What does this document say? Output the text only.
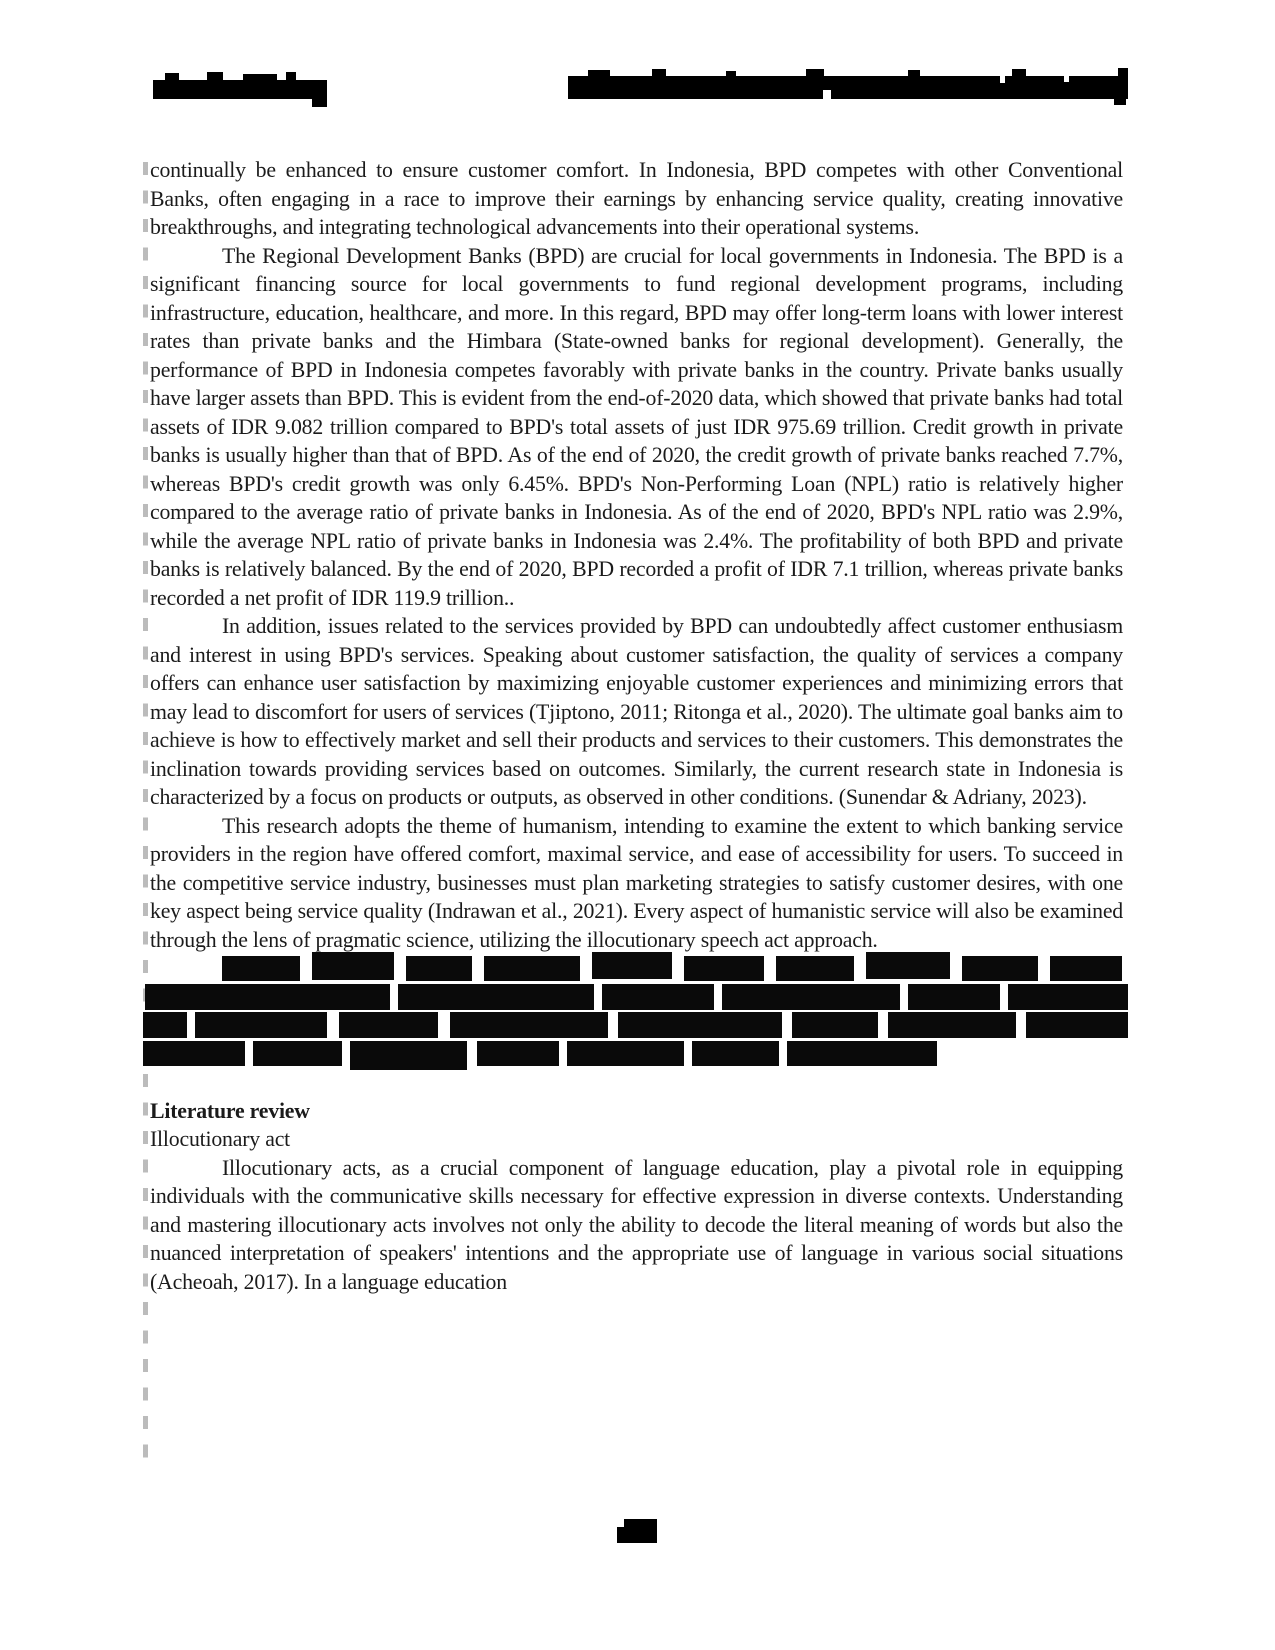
continually be enhanced to ensure customer comfort. In Indonesia, BPD competes with other Conventional Banks, often engaging in a race to improve their earnings by enhancing service quality, creating innovative breakthroughs, and integrating technological advancements into their operational systems.

The Regional Development Banks (BPD) are crucial for local governments in Indonesia. The BPD is a significant financing source for local governments to fund regional development programs, including infrastructure, education, healthcare, and more. In this regard, BPD may offer long-term loans with lower interest rates than private banks and the Himbara (State-owned banks for regional development). Generally, the performance of BPD in Indonesia competes favorably with private banks in the country. Private banks usually have larger assets than BPD. This is evident from the end-of-2020 data, which showed that private banks had total assets of IDR 9.082 trillion compared to BPD's total assets of just IDR 975.69 trillion. Credit growth in private banks is usually higher than that of BPD. As of the end of 2020, the credit growth of private banks reached 7.7%, whereas BPD's credit growth was only 6.45%. BPD's Non-Performing Loan (NPL) ratio is relatively higher compared to the average ratio of private banks in Indonesia. As of the end of 2020, BPD's NPL ratio was 2.9%, while the average NPL ratio of private banks in Indonesia was 2.4%. The profitability of both BPD and private banks is relatively balanced. By the end of 2020, BPD recorded a profit of IDR 7.1 trillion, whereas private banks recorded a net profit of IDR 119.9 trillion..

In addition, issues related to the services provided by BPD can undoubtedly affect customer enthusiasm and interest in using BPD's services. Speaking about customer satisfaction, the quality of services a company offers can enhance user satisfaction by maximizing enjoyable customer experiences and minimizing errors that may lead to discomfort for users of services (Tjiptono, 2011; Ritonga et al., 2020). The ultimate goal banks aim to achieve is how to effectively market and sell their products and services to their customers. This demonstrates the inclination towards providing services based on outcomes. Similarly, the current research state in Indonesia is characterized by a focus on products or outputs, as observed in other conditions. (Sunendar & Adriany, 2023).

This research adopts the theme of humanism, intending to examine the extent to which banking service providers in the region have offered comfort, maximal service, and ease of accessibility for users. To succeed in the competitive service industry, businesses must plan marketing strategies to satisfy customer desires, with one key aspect being service quality (Indrawan et al., 2021). Every aspect of humanistic service will also be examined through the lens of pragmatic science, utilizing the illocutionary speech act approach.

Literature review
Illocutionary act

Illocutionary acts, as a crucial component of language education, play a pivotal role in equipping individuals with the communicative skills necessary for effective expression in diverse contexts. Understanding and mastering illocutionary acts involves not only the ability to decode the literal meaning of words but also the nuanced interpretation of speakers' intentions and the appropriate use of language in various social situations (Acheoah, 2017). In a language education
